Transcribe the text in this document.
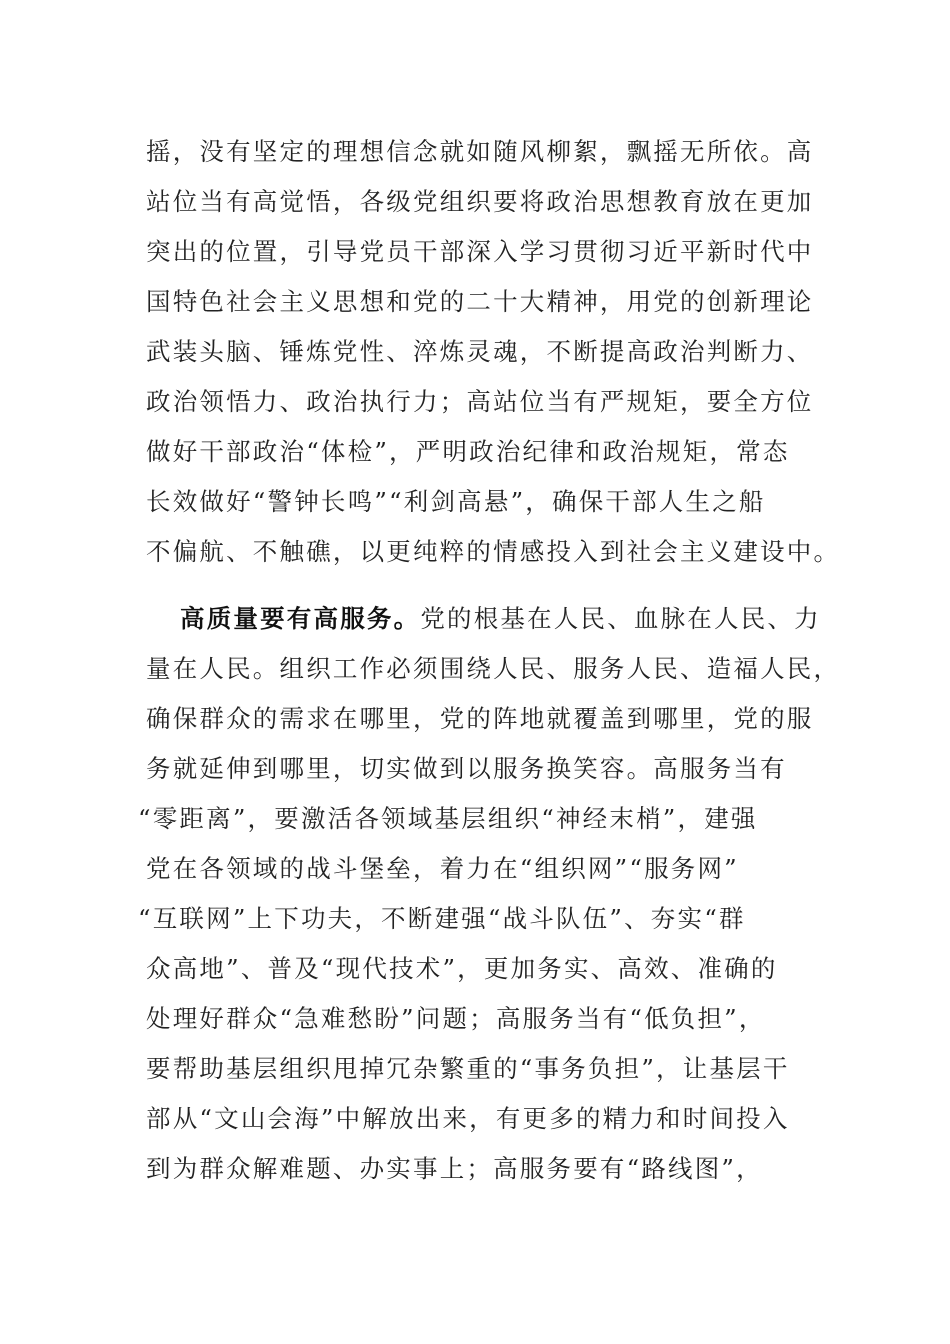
摇，没有坚定的理想信念就如随风柳絮，飘摇无所依。高
站位当有高觉悟，各级党组织要将政治思想教育放在更加
突出的位置，引导党员干部深入学习贯彻习近平新时代中
国特色社会主义思想和党的二十大精神，用党的创新理论
武装头脑、锤炼党性、淬炼灵魂，不断提高政治判断力、
政治领悟力、政治执行力；高站位当有严规矩，要全方位
做好干部政治“体检”，严明政治纪律和政治规矩，常态
长效做好“警钟长鸣”“利剑高悬”，确保干部人生之船
不偏航、不触礁，以更纯粹的情感投入到社会主义建设中。
高质量要有高服务。党的根基在人民、血脉在人民、力
量在人民。组织工作必须围绕人民、服务人民、造福人民，
确保群众的需求在哪里，党的阵地就覆盖到哪里，党的服
务就延伸到哪里，切实做到以服务换笑容。高服务当有
“零距离”，要激活各领域基层组织“神经末梢”，建强
党在各领域的战斗堡垒，着力在“组织网”“服务网”
“互联网”上下功夫，不断建强“战斗队伍”、夯实“群
众高地”、普及“现代技术”，更加务实、高效、准确的
处理好群众“急难愁盼”问题；高服务当有“低负担”，
要帮助基层组织甩掉冗杂繁重的“事务负担”，让基层干
部从“文山会海”中解放出来，有更多的精力和时间投入
到为群众解难题、办实事上；高服务要有“路线图”，
